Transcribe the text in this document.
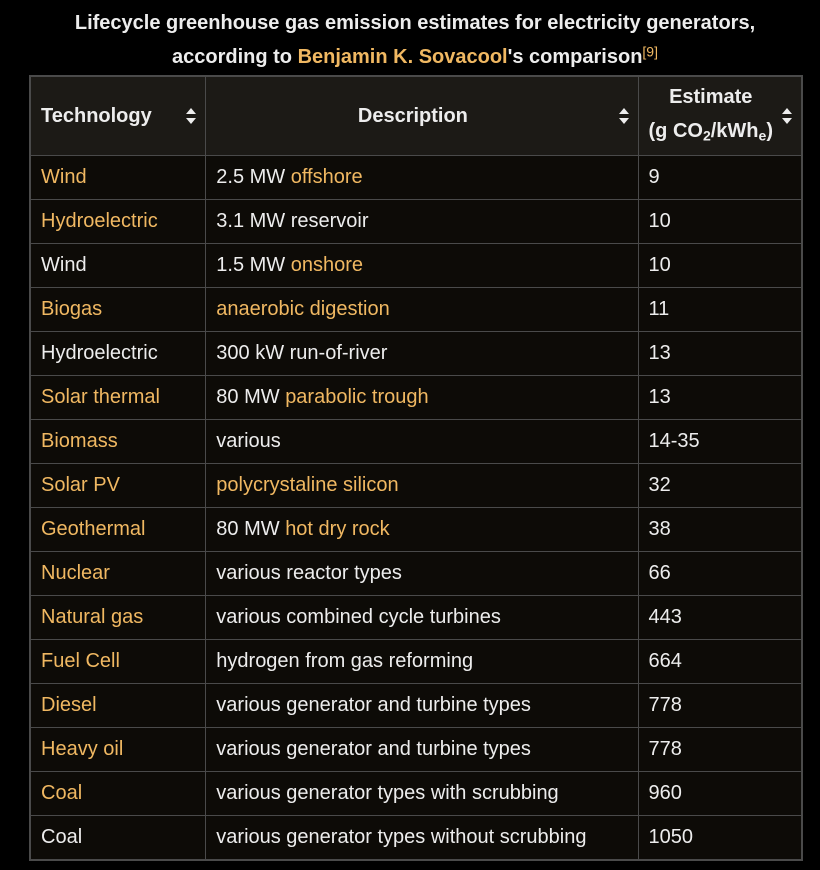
Lifecycle greenhouse gas emission estimates for electricity generators,
according to Benjamin K. Sovacool's comparison[9]
Technology	Description	Estimate
(g $CO_2/kWh_e$)

Wind	2.5 MW offshore	9
Hydroelectric	3.1 MW reservoir	10
Wind	1.5 MW onshore	10
Biogas	anaerobic digestion	11
Hydroelectric	300 kW run-of-river	13
Solar thermal	80 MW parabolic trough	13
Biomass	various	14-35
Solar PV	polycrystaline silicon	32
Geothermal	80 MW hot dry rock	38
Nuclear	various reactor types	66
Natural gas	various combined cycle turbines	443
Fuel Cell	hydrogen from gas reforming	664
Diesel	various generator and turbine types	778
Heavy oil	various generator and turbine types	778
Coal	various generator types with scrubbing	960
Coal	various generator types without scrubbing	1050
